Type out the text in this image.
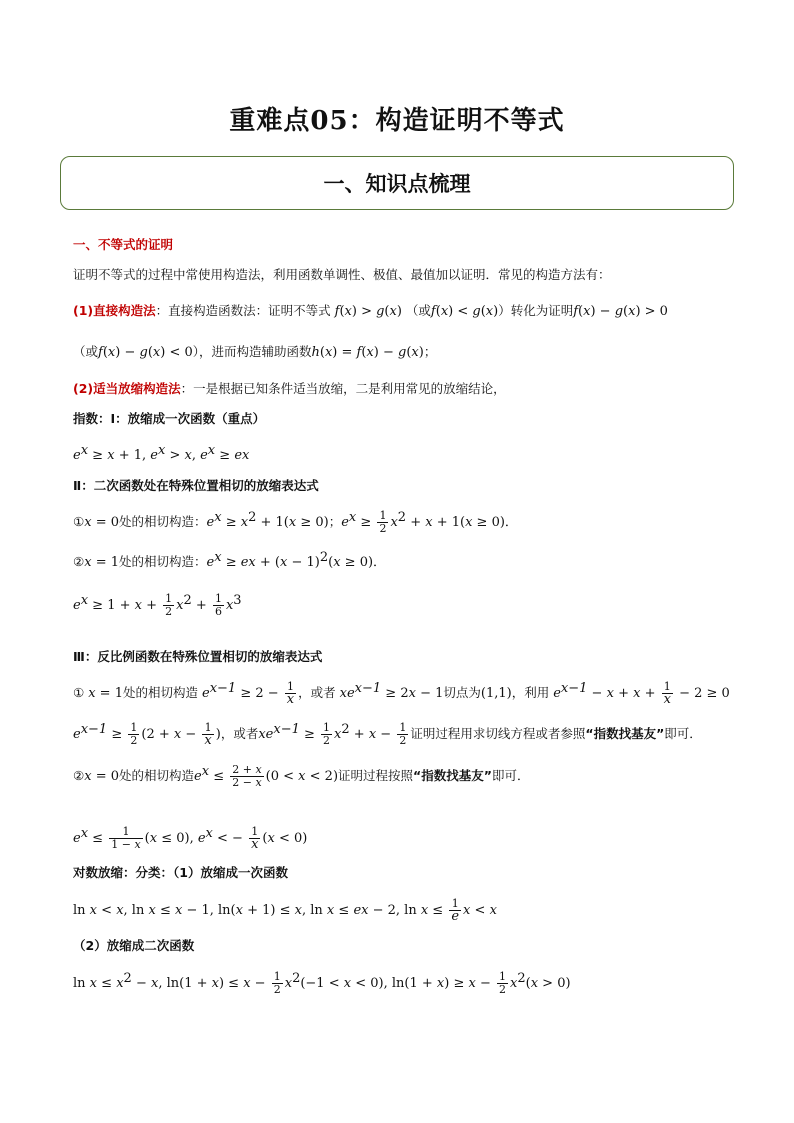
重难点05：构造证明不等式
一、知识点梳理
一、不等式的证明
证明不等式的过程中常使用构造法，利用函数单调性、极值、最值加以证明．常见的构造方法有：
(1)直接构造法：直接构造函数法：证明不等式 f(x) > g(x) （或f(x) < g(x)）转化为证明f(x) − g(x) > 0
（或f(x) − g(x) < 0），进而构造辅助函数h(x) = f(x) − g(x)；
(2)适当放缩构造法：一是根据已知条件适当放缩，二是利用常见的放缩结论，
指数：Ⅰ：放缩成一次函数（重点）
$e^x \ge x + 1$, $e^x > x$, $e^x$ ≥ ex
Ⅱ：二次函数处在特殊位置相切的放缩表达式
①x = 0处的相切构造：$e^x \ge x^2 + 1(x \ge 0)$；$e^x \ge \frac{1}{2} x^2 + x + 1(x \ge 0)$．
②x = 1处的相切构造：$e^x$ ≥ ex + $(x - 1)^2(x \ge 0)$．
$e^x \ge 1 + x + \frac{1}{2} x^2 + \frac{1}{6} x^3$
Ⅲ：反比例函数在特殊位置相切的放缩表达式
① x = 1处的相切构造 $e^{x-1} \ge 2 - \frac{1}{x}$ ，或者 $xe^{x-1} \ge 2x - 1$切点为(1,1)，利用 $e^{x-1} - x + x + \frac{1}{x} - 2 \ge 0$
$e^{x-1} \ge \frac{1}{2} (2 + x - \frac{1}{x}$ )，或者$xe^{x-1} \ge \frac{1}{2} x^2 + x - \frac{1}{2}$ 证明过程用求切线方程或者参照“指数找基友”即可．
②x = 0处的相切构造$e^x \le \frac{2 + x}{2 - x} (0 < x < 2)$证明过程按照“指数找基友”即可．
$e^x \le \frac{1}{1 - x} (x \le 0)$, $e^x$ < − $\frac{1}{x} (x < 0)$
对数放缩：分类：（1）放缩成一次函数
ln x < x, ln x ≤ x − 1, ln(x + 1) ≤ x, ln x ≤ ex − 2, $\ln x \le \frac{1}{e}$ x < x
（2）放缩成二次函数
$\ln x \le x^2 - x$, $\ln(1 + x) \le x - \frac{1}{2} x^2(-1 < x < 0)$, $\ln(1 + x) \ge x - \frac{1}{2} x^2(x > 0)$
